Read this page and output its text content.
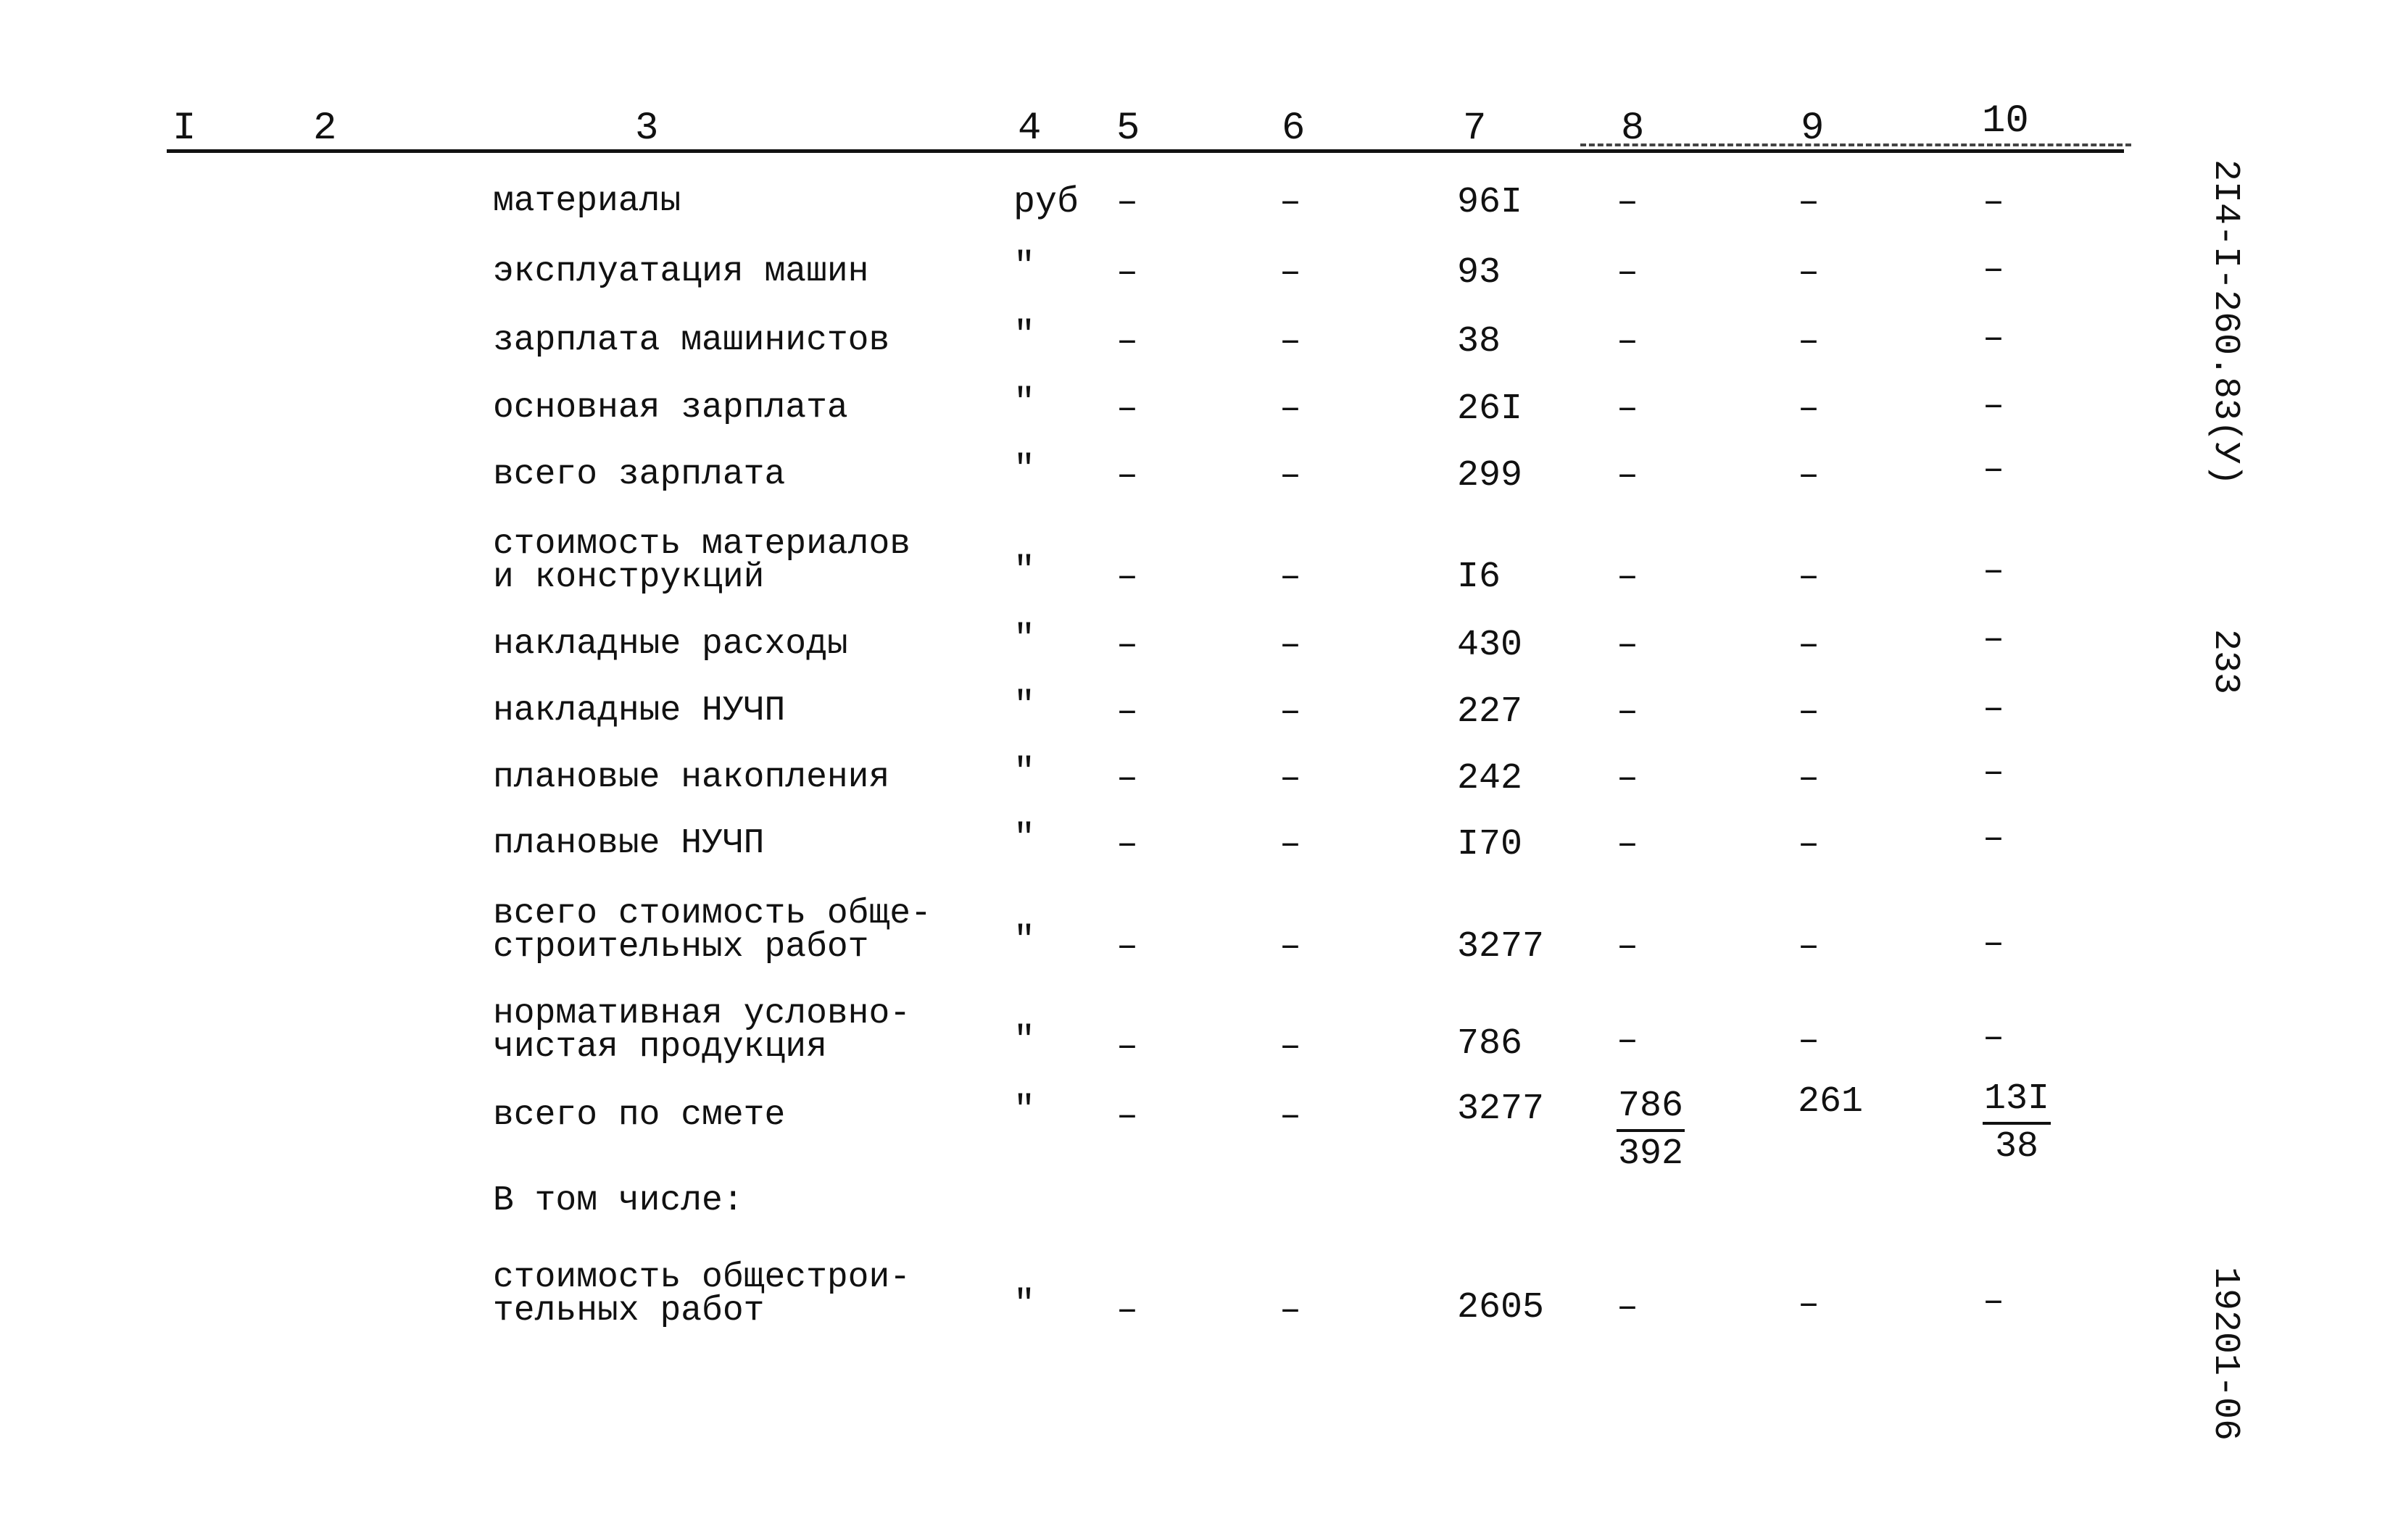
I	2	3	4 5	6	7	8	9	10
материалы	руб –	–	96I	–	–	–
эксплуатация машин	" –	–	93	–	–	–
зарплата машинистов	" –	–	38	–	–	–
основная зарплата	" –	–	26I	–	–	–
всего зарплата	" –	–	299	–	–	–
стоимость материалов
и конструкций	" –	–	I6	–	–	–
накладные расходы	" –	–	430	–	–	–
накладные НУЧП	" –	–	227	–	–	–
плановые накопления	" –	–	242	–	–	–
плановые НУЧП	" –	–	I70	–	–	–
всего стоимость обще-
строительных работ	" –	–	3277 –	–	–
нормативная условно-
чистая продукция	" –	–	786	–	–	–
всего по смете	" –	–	$3277 \frac{786}{392}$	261	$\frac{13I}{38}$
В том числе:
стоимость общестрои-
тельных работ	" –	–	2605 –	–	–
2I4-I-260.83(У)
233
19201-06
